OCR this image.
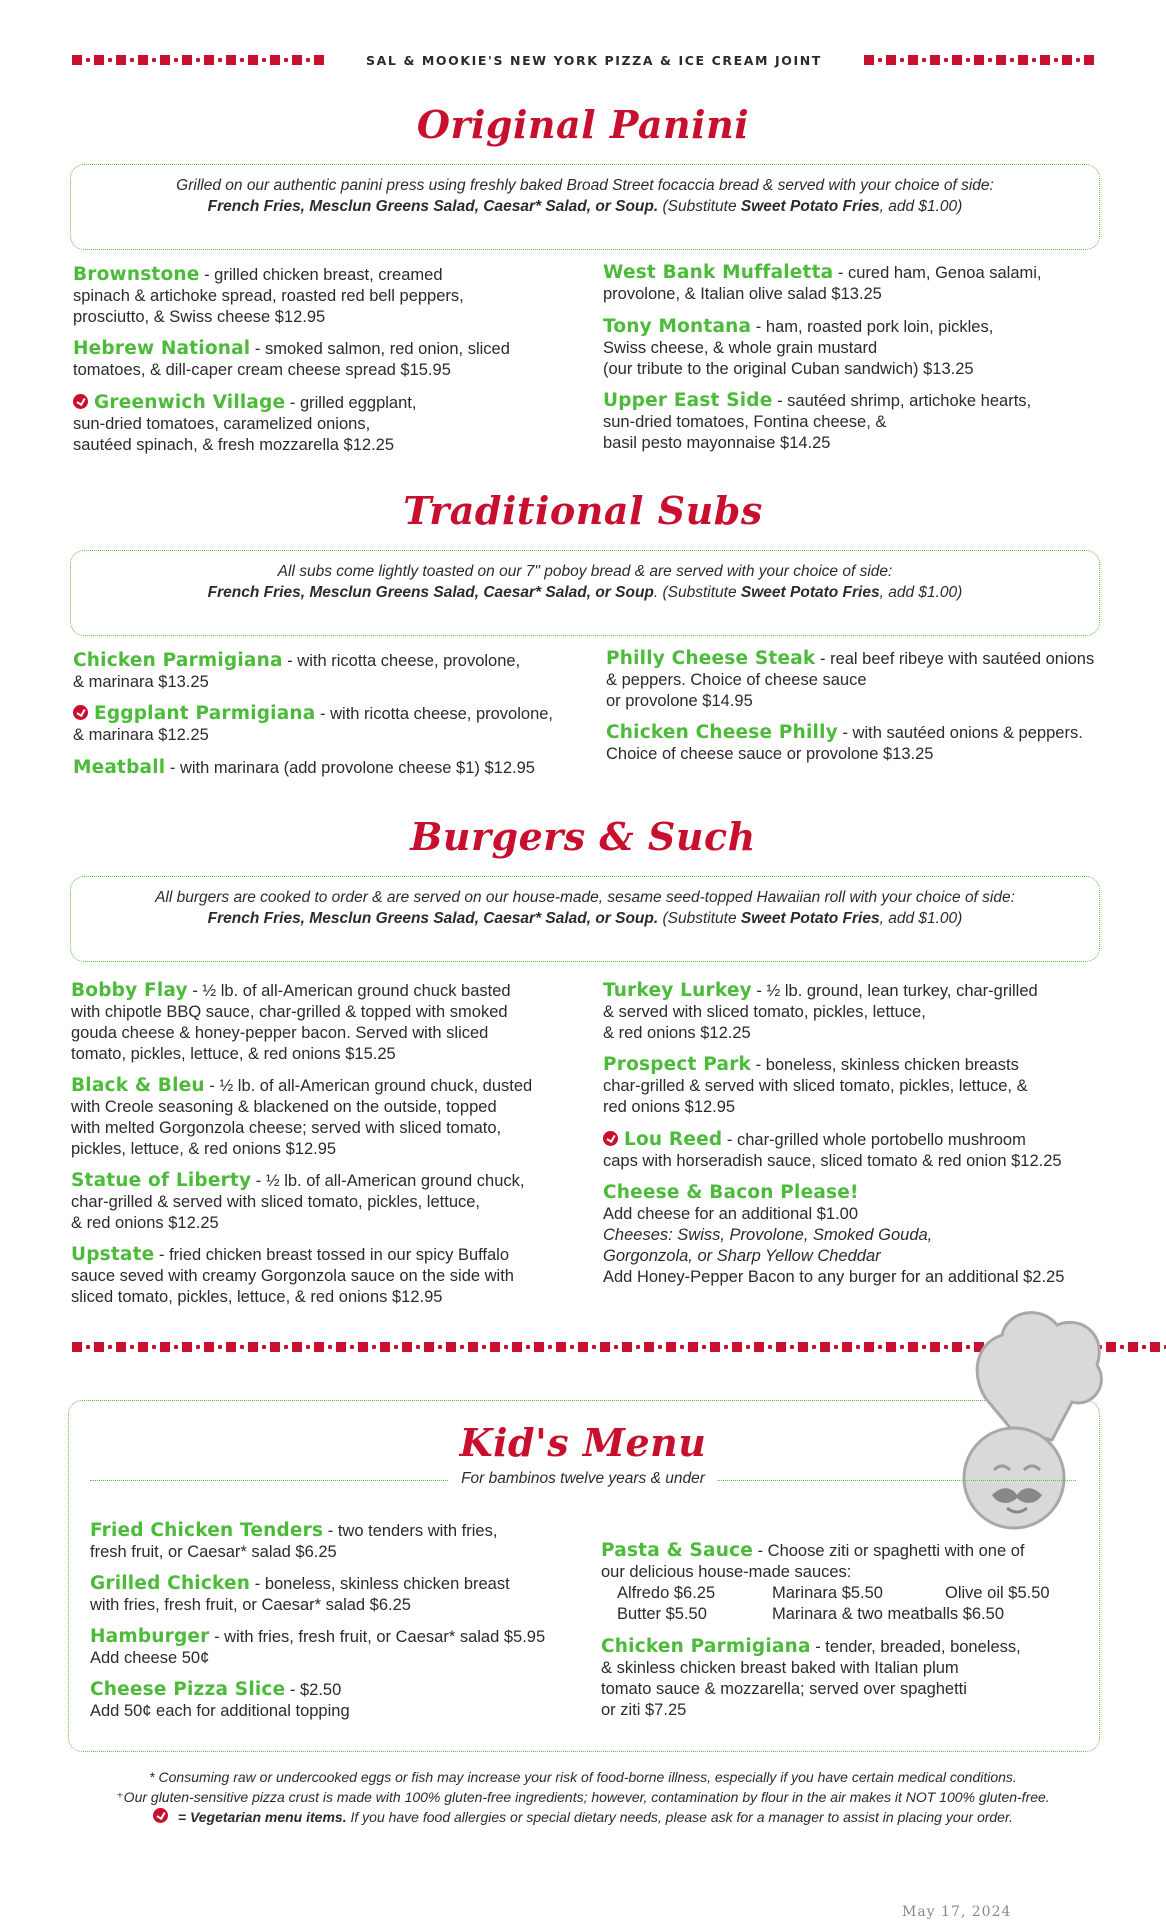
SAL & MOOKIE'S NEW YORK PIZZA & ICE CREAM JOINT
Original Panini
Grilled on our authentic panini press using freshly baked Broad Street focaccia bread & served with your choice of side:
French Fries, Mesclun Greens Salad, Caesar* Salad, or Soup. (Substitute Sweet Potato Fries, add $1.00)
Brownstone - grilled chicken breast, creamed
spinach & artichoke spread, roasted red bell peppers,
prosciutto, & Swiss cheese $12.95
Hebrew National - smoked salmon, red onion, sliced
tomatoes, & dill-caper cream cheese spread $15.95
Greenwich Village - grilled eggplant,
sun-dried tomatoes, caramelized onions,
sautéed spinach, & fresh mozzarella $12.25
West Bank Muffaletta - cured ham, Genoa salami,
provolone, & Italian olive salad $13.25
Tony Montana - ham, roasted pork loin, pickles,
Swiss cheese, & whole grain mustard
(our tribute to the original Cuban sandwich) $13.25
Upper East Side - sautéed shrimp, artichoke hearts,
sun-dried tomatoes, Fontina cheese, &
basil pesto mayonnaise $14.25
Traditional Subs
All subs come lightly toasted on our 7" poboy bread & are served with your choice of side:
French Fries, Mesclun Greens Salad, Caesar* Salad, or Soup. (Substitute Sweet Potato Fries, add $1.00)
Chicken Parmigiana - with ricotta cheese, provolone,
& marinara $13.25
Eggplant Parmigiana - with ricotta cheese, provolone,
& marinara $12.25
Meatball - with marinara (add provolone cheese $1) $12.95
Philly Cheese Steak - real beef ribeye with sautéed onions
& peppers. Choice of cheese sauce
or provolone $14.95
Chicken Cheese Philly - with sautéed onions & peppers.
Choice of cheese sauce or provolone $13.25
Burgers & Such
All burgers are cooked to order & are served on our house-made, sesame seed-topped Hawaiian roll with your choice of side:
French Fries, Mesclun Greens Salad, Caesar* Salad, or Soup. (Substitute Sweet Potato Fries, add $1.00)
Bobby Flay - ½ lb. of all-American ground chuck basted
with chipotle BBQ sauce, char-grilled & topped with smoked
gouda cheese & honey-pepper bacon. Served with sliced
tomato, pickles, lettuce, & red onions $15.25
Black & Bleu - ½ lb. of all-American ground chuck, dusted
with Creole seasoning & blackened on the outside, topped
with melted Gorgonzola cheese; served with sliced tomato,
pickles, lettuce, & red onions $12.95
Statue of Liberty - ½ lb. of all-American ground chuck,
char-grilled & served with sliced tomato, pickles, lettuce,
& red onions $12.25
Upstate - fried chicken breast tossed in our spicy Buffalo
sauce seved with creamy Gorgonzola sauce on the side with
sliced tomato, pickles, lettuce, & red onions $12.95
Turkey Lurkey - ½ lb. ground, lean turkey, char-grilled
& served with sliced tomato, pickles, lettuce,
& red onions $12.25
Prospect Park - boneless, skinless chicken breasts
char-grilled & served with sliced tomato, pickles, lettuce, &
red onions $12.95
Lou Reed - char-grilled whole portobello mushroom
caps with horseradish sauce, sliced tomato & red onion $12.25
Cheese & Bacon Please!
Add cheese for an additional $1.00
Cheeses: Swiss, Provolone, Smoked Gouda,
Gorgonzola, or Sharp Yellow Cheddar
Add Honey-Pepper Bacon to any burger for an additional $2.25
Kid's Menu
For bambinos twelve years & under
Fried Chicken Tenders - two tenders with fries,
fresh fruit, or Caesar* salad $6.25
Grilled Chicken - boneless, skinless chicken breast
with fries, fresh fruit, or Caesar* salad $6.25
Hamburger - with fries, fresh fruit, or Caesar* salad $5.95
Add cheese 50¢
Cheese Pizza Slice - $2.50
Add 50¢ each for additional topping
Pasta & Sauce - Choose ziti or spaghetti with one of
our delicious house-made sauces:
Alfredo $6.25	Marinara $5.50	Olive oil $5.50
Butter $5.50	Marinara & two meatballs $6.50
Chicken Parmigiana - tender, breaded, boneless,
& skinless chicken breast baked with Italian plum
tomato sauce & mozzarella; served over spaghetti
or ziti $7.25
* Consuming raw or undercooked eggs or fish may increase your risk of food-borne illness, especially if you have certain medical conditions.
⁺Our gluten-sensitive pizza crust is made with 100% gluten-free ingredients; however, contamination by flour in the air makes it NOT 100% gluten-free.
= Vegetarian menu items. If you have food allergies or special dietary needs, please ask for a manager to assist in placing your order.
May 17, 2024
